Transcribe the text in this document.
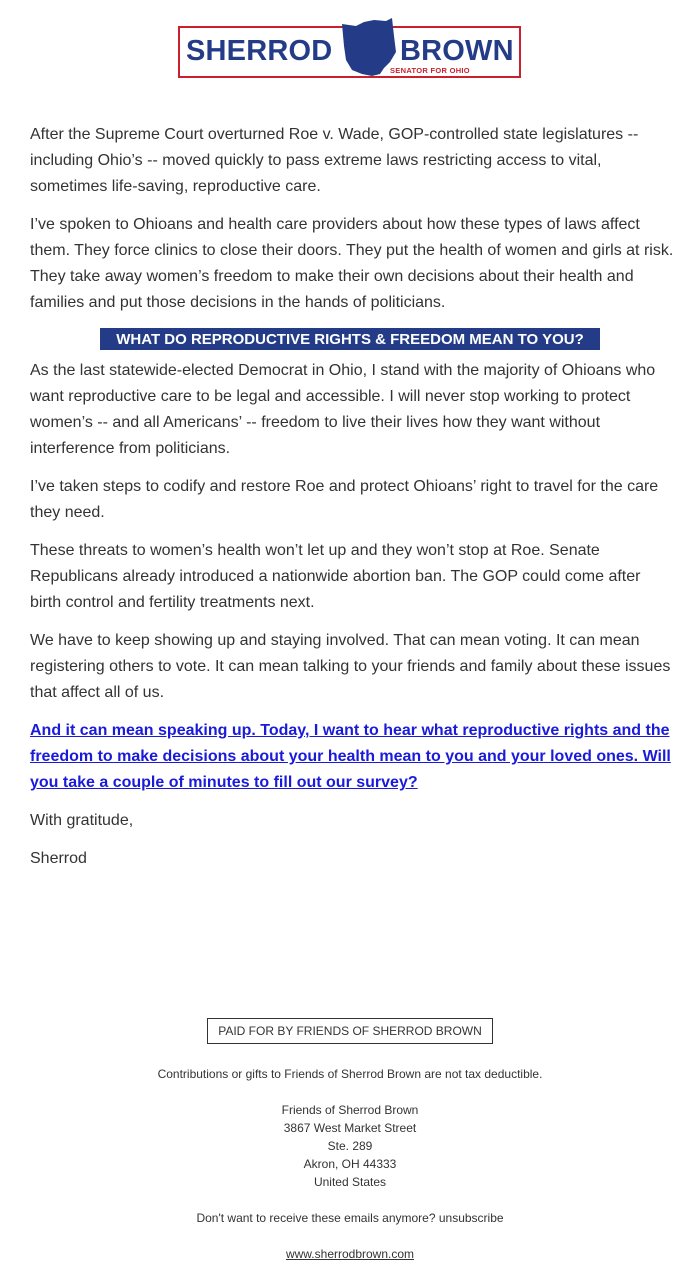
SHERROD BROWN
SENATOR FOR OHIO

After the Supreme Court overturned Roe v. Wade, GOP-controlled state legislatures -- including Ohio’s -- moved quickly to pass extreme laws restricting access to vital, sometimes life-saving, reproductive care.

I’ve spoken to Ohioans and health care providers about how these types of laws affect them. They force clinics to close their doors. They put the health of women and girls at risk. They take away women’s freedom to make their own decisions about their health and families and put those decisions in the hands of politicians.

WHAT DO REPRODUCTIVE RIGHTS & FREEDOM MEAN TO YOU?

As the last statewide-elected Democrat in Ohio, I stand with the majority of Ohioans who want reproductive care to be legal and accessible. I will never stop working to protect women’s -- and all Americans’ -- freedom to live their lives how they want without interference from politicians.

I’ve taken steps to codify and restore Roe and protect Ohioans’ right to travel for the care they need.

These threats to women’s health won’t let up and they won’t stop at Roe. Senate Republicans already introduced a nationwide abortion ban. The GOP could come after birth control and fertility treatments next.

We have to keep showing up and staying involved. That can mean voting. It can mean registering others to vote. It can mean talking to your friends and family about these issues that affect all of us.

And it can mean speaking up. Today, I want to hear what reproductive rights and the freedom to make decisions about your health mean to you and your loved ones. Will you take a couple of minutes to fill out our survey?

With gratitude,

Sherrod

PAID FOR BY FRIENDS OF SHERROD BROWN
Contributions or gifts to Friends of Sherrod Brown are not tax deductible.
Friends of Sherrod Brown
3867 West Market Street
Ste. 289
Akron, OH 44333
United States
Don't want to receive these emails anymore? unsubscribe
www.sherrodbrown.com
